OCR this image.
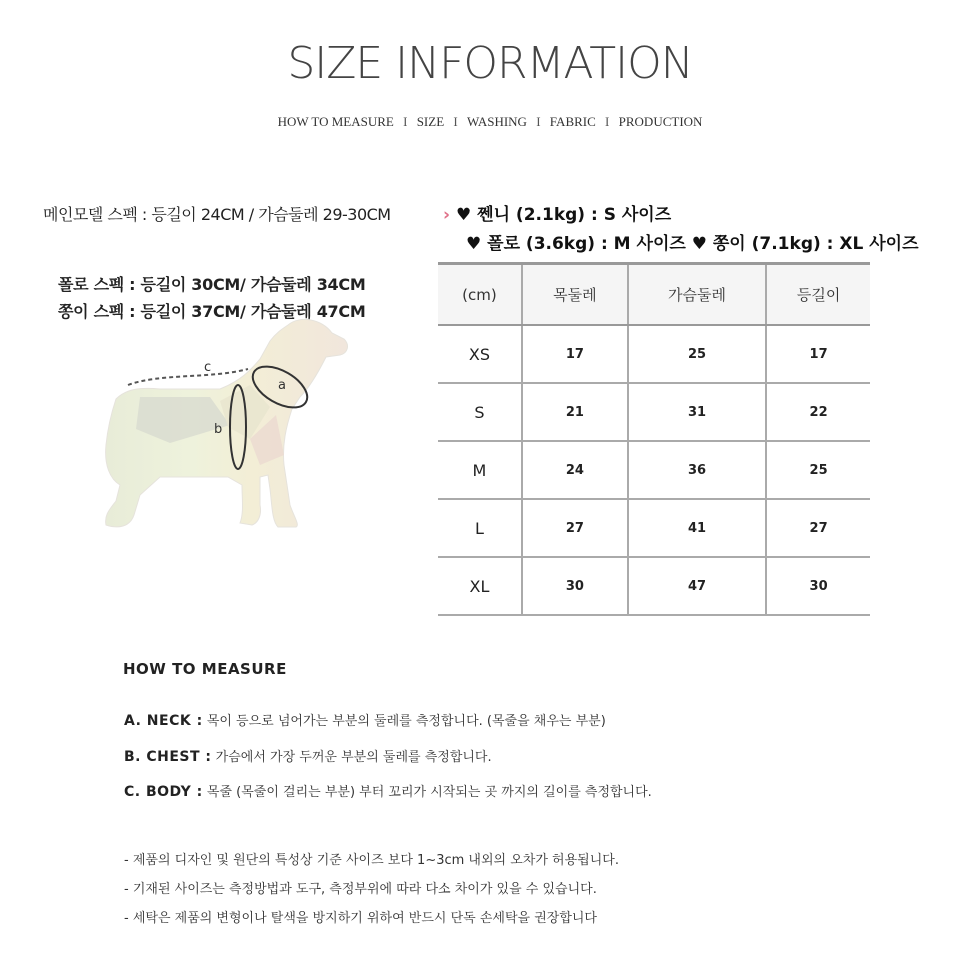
SIZE INFORMATION
HOW TO MEASURE I SIZE I WASHING I FABRIC I PRODUCTION
메인모델 스펙 : 등길이 24CM / 가슴둘레 29-30CM
폴로 스펙 : 등길이 30CM/ 가슴둘레 34CM
쫑이 스펙 : 등길이 37CM/ 가슴둘레 47CM
› ♥ 쩬니 (2.1kg) : S 사이즈
♥ 폴로 (3.6kg) : M 사이즈 ♥ 쫑이 (7.1kg) : XL 사이즈
c
a
b
(cm)	목둘레	가슴둘레	등길이
XS	17	25	17
S	21	31	22
M	24	36	25
L	27	41	27
XL	30	47	30
HOW TO MEASURE
A. NECK : 목이 등으로 넘어가는 부분의 둘레를 측정합니다. (목줄을 채우는 부분)
B. CHEST : 가슴에서 가장 두꺼운 부분의 둘레를 측정합니다.
C. BODY : 목줄 (목줄이 걸리는 부분) 부터 꼬리가 시작되는 곳 까지의 길이를 측정합니다.
- 제품의 디자인 및 원단의 특성상 기준 사이즈 보다 1~3cm 내외의 오차가 허용됩니다.
- 기재된 사이즈는 측정방법과 도구, 측정부위에 따라 다소 차이가 있을 수 있습니다.
- 세탁은 제품의 변형이나 탈색을 방지하기 위하여 반드시 단독 손세탁을 권장합니다
